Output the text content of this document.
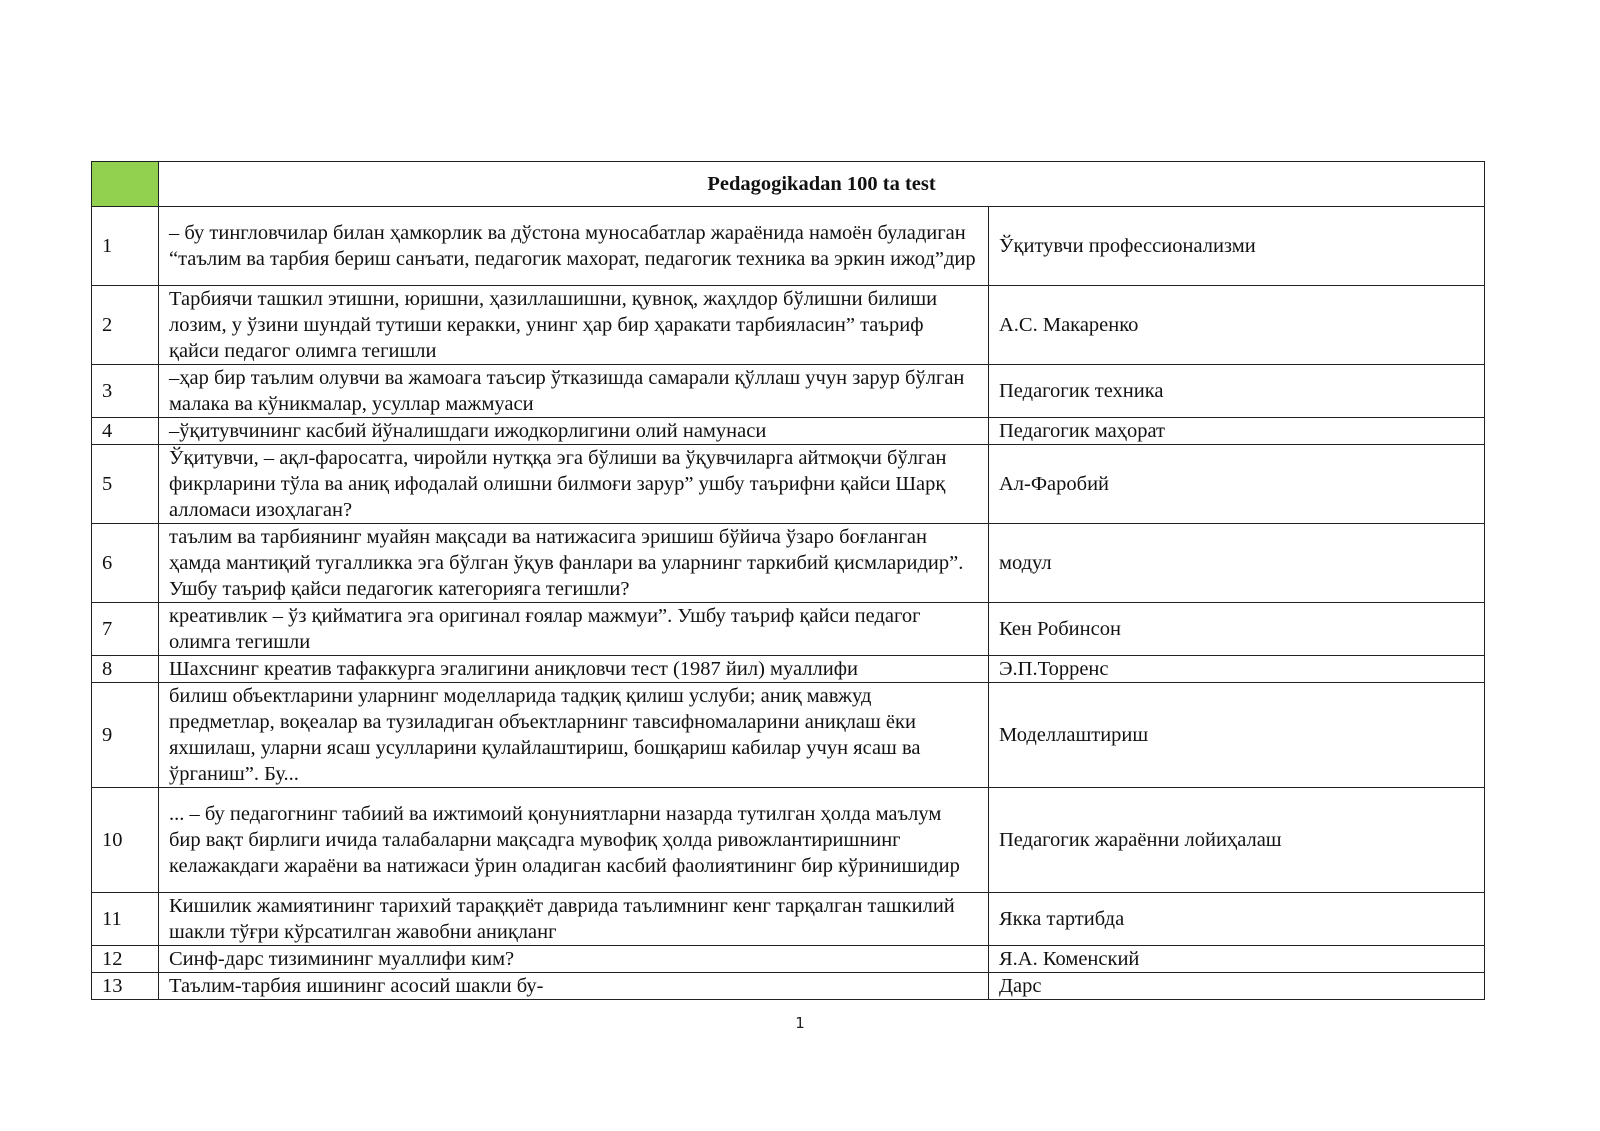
	Pedagogikadan 100 ta test	
1	– бу тингловчилар билан ҳамкорлик ва дўстона муносабатлар жараёнида намоён буладиган “таълим ва тарбия бериш санъати, педагогик махорат, педагогик техника ва эркин ижод”дир	Ўқитувчи профессионализми
2	Тарбиячи ташкил этишни, юришни, ҳазиллашишни, қувноқ, жаҳлдор бўлишни билиши лозим, у ўзини шундай тутиши керакки, унинг ҳар бир ҳаракати тарбияласин” таъриф қайси педагог олимга тегишли	А.С. Макаренко
3	–ҳар бир таълим олувчи ва жамоага таъсир ўтказишда самарали қўллаш учун зарур бўлган малака ва кўникмалар, усуллар мажмуаси	Педагогик техника
4	–ўқитувчининг касбий йўналишдаги ижодкорлигини олий намунаси	Педагогик маҳорат
5	Ўқитувчи, – ақл-фаросатга, чиройли нутққа эга бўлиши ва ўқувчиларга айтмоқчи бўлган фикрларини тўла ва аниқ ифодалай олишни билмоғи зарур” ушбу таърифни қайси Шарқ алломаси изоҳлаган?	Ал-Фаробий
6	таълим ва тарбиянинг муайян мақсади ва натижасига эришиш бўйича ўзаро боғланган ҳамда мантиқий тугалликка эга бўлган ўқув фанлари ва уларнинг таркибий қисмларидир”. Ушбу таъриф қайси педагогик категорияга тегишли?	модул
7	креативлик – ўз қийматига эга оригинал ғоялар мажмуи”. Ушбу таъриф қайси педагог олимга тегишли	Кен Робинсон
8	Шахснинг креатив тафаккурга эгалигини аниқловчи тест (1987 йил) муаллифи	Э.П.Торренс
9	билиш объектларини уларнинг моделларида тадқиқ қилиш услуби; аниқ мавжуд предметлар, воқеалар ва тузиладиган объектларнинг тавсифномаларини аниқлаш ёки яхшилаш, уларни ясаш усулларини қулайлаштириш, бошқариш кабилар учун ясаш ва ўрганиш”. Бу...	Моделлаштириш
10	... – бу педагогнинг табиий ва ижтимоий қонуниятларни назарда тутилган ҳолда маълум бир вақт бирлиги ичида талабаларни мақсадга мувофиқ ҳолда ривожлантиришнинг келажакдаги жараёни ва натижаси ўрин оладиган касбий фаолиятининг бир кўринишидир	Педагогик жараённи лойиҳалаш
11	Кишилик жамиятининг тарихий тараққиёт даврида таълимнинг кенг тарқалган ташкилий шакли тўғри кўрсатилган жавобни аниқланг	Якка тартибда
12	Синф-дарс тизимининг муаллифи ким?	Я.А. Коменский
13	Таълим-тарбия ишининг асосий шакли бу-	Дарс
1
